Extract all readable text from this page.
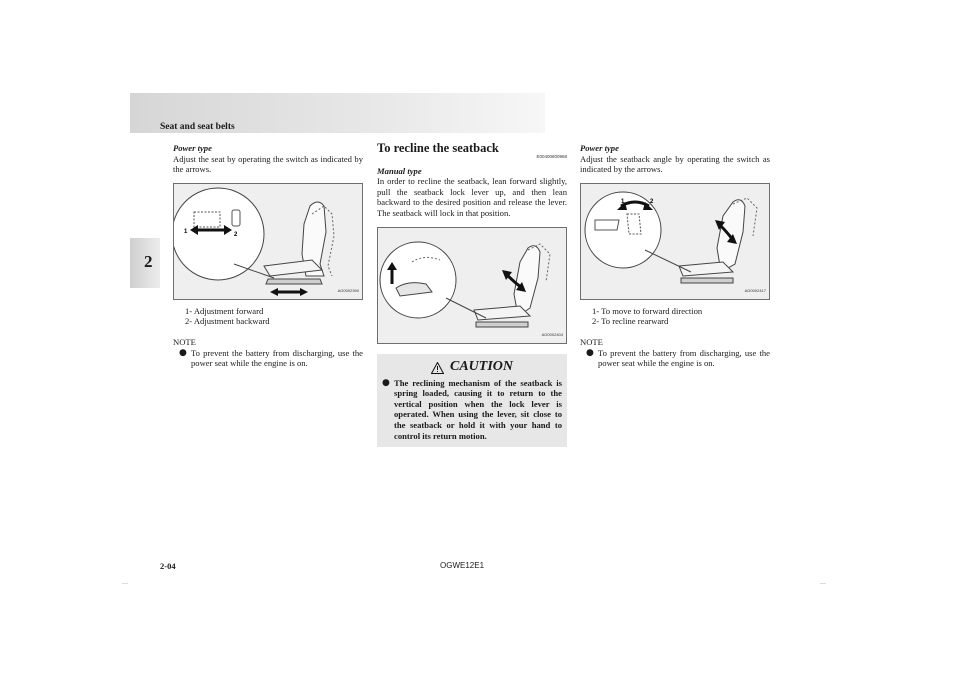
Seat and seat belts
2
Power type
Adjust the seat by operating the switch as indicated by the arrows.
1	2
AG0002390
1- Adjustment forward
2- Adjustment backward
NOTE
● To prevent the battery from discharging, use the power seat while the engine is on.
To recline the seatback
E00400600968
Manual type
In order to recline the seatback, lean forward slightly, pull the seatback lock lever up, and then lean backward to the desired position and release the lever. The seatback will lock in that position.
AG0002404
CAUTION
● The reclining mechanism of the seatback is spring loaded, causing it to return to the vertical position when the lock lever is operated. When using the lever, sit close to the seatback or hold it with your hand to control its return motion.
Power type
Adjust the seatback angle by operating the switch as indicated by the arrows.
1	2
AG0002417
1- To move to forward direction
2- To recline rearward
NOTE
● To prevent the battery from discharging, use the power seat while the engine is on.
2-04	OGWE12E1
